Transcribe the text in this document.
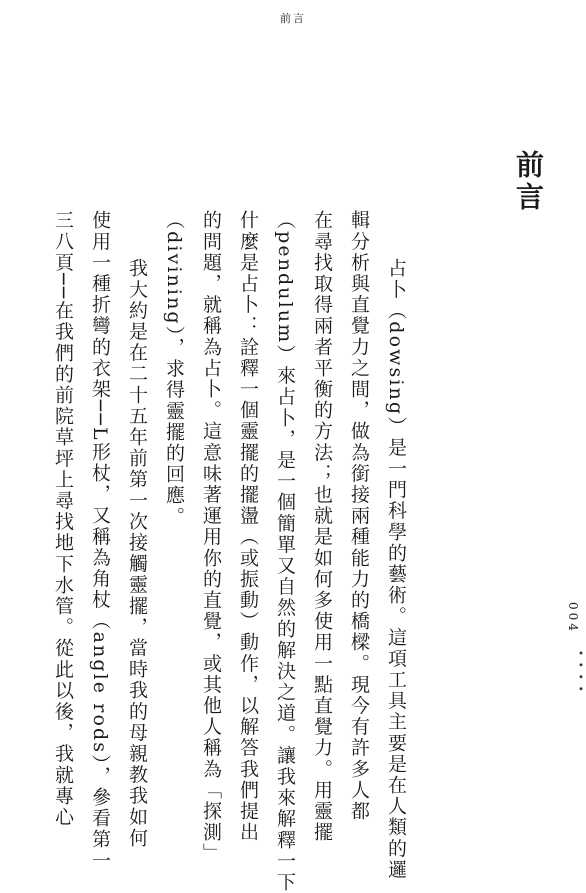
前言
前言
占卜（dowsing）是一門科學的藝術。這項工具主要是在人類的邏
輯分析與直覺力之間，做為銜接兩種能力的橋樑。現今有許多人都
在尋找取得兩者平衡的方法；也就是如何多使用一點直覺力。用靈擺
（pendulum）來占卜，是一個簡單又自然的解決之道。讓我來解釋一下
什麼是占卜：詮釋一個靈擺的擺盪（或振動）動作，以解答我們提出
的問題，就稱為占卜。這意味著運用你的直覺，或其他人稱為「探測」
（divining），求得靈擺的回應。
我大約是在二十五年前第一次接觸靈擺，當時我的母親教我如何
使用一種折彎的衣架──L形杖，又稱為角杖（angle rods），參看第一
三八頁──在我們的前院草坪上尋找地下水管。從此以後，我就專心	004
••••
